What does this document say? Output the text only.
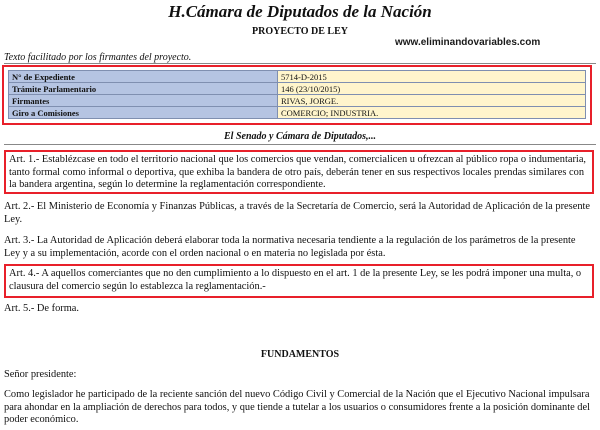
H.Cámara de Diputados de la Nación
PROYECTO DE LEY
www.eliminandovariables.com
Texto facilitado por los firmantes del proyecto.
N° de Expediente	5714-D-2015
Trámite Parlamentario	146 (23/10/2015)
Firmantes	RIVAS, JORGE.
Giro a Comisiones	COMERCIO; INDUSTRIA.
El Senado y Cámara de Diputados,...
Art. 1.- Establézcase en todo el territorio nacional que los comercios que vendan, comercialicen u ofrezcan al público ropa o indumentaria, tanto formal como informal o deportiva, que exhiba la bandera de otro país, deberán tener en sus respectivos locales prendas similares con la bandera argentina, según lo determine la reglamentación correspondiente.
Art. 2.- El Ministerio de Economía y Finanzas Públicas, a través de la Secretaría de Comercio, será la Autoridad de Aplicación de la presente Ley.
Art. 3.- La Autoridad de Aplicación deberá elaborar toda la normativa necesaria tendiente a la regulación de los parámetros de la presente Ley y a su implementación, acorde con el orden nacional o en materia no legislada por ésta.
Art. 4.- A aquellos comerciantes que no den cumplimiento a lo dispuesto en el art. 1 de la presente Ley, se les podrá imponer una multa, o clausura del comercio según lo establezca la reglamentación.-
Art. 5.- De forma.
FUNDAMENTOS
Señor presidente:
Como legislador he participado de la reciente sanción del nuevo Código Civil y Comercial de la Nación que el Ejecutivo Nacional impulsara para ahondar en la ampliación de derechos para todos, y que tiende a tutelar a los usuarios o consumidores frente a la posición dominante del poder económico.
